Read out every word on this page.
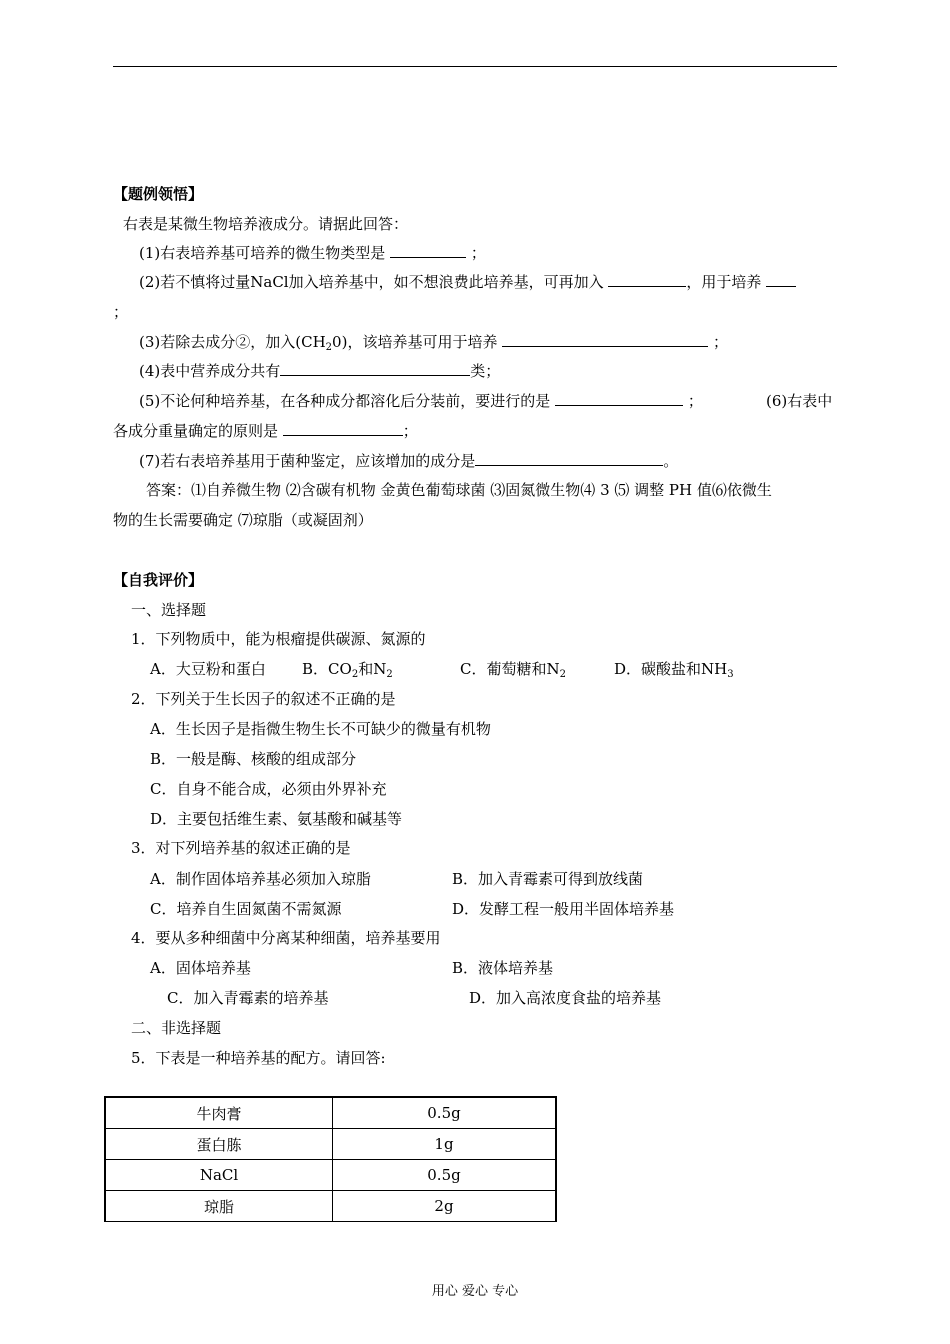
【题例领悟】
右表是某微生物培养液成分。请据此回答：
(1)右表培养基可培养的微生物类型是	；
(2)若不慎将过量NaCl加入培养基中，如不想浪费此培养基，可再加入	，用于培养
；
(3)若除去成分②，加入$(CH_20)$，该培养基可用于培养	；
(4)表中营养成分共有	类；
(5)不论何种培养基，在各种成分都溶化后分装前，要进行的是	；	(6)右表中
各成分重量确定的原则是	；
(7)若右表培养基用于菌种鉴定，应该增加的成分是	。
答案：⑴自养微生物 ⑵含碳有机物 金黄色葡萄球菌 ⑶固氮微生物⑷ 3 ⑸ 调整 PH 值⑹依微生
物的生长需要确定 ⑺琼脂（或凝固剂）
【自我评价】
一、选择题
1．下列物质中，能为根瘤提供碳源、氮源的
A．大豆粉和蛋白 B．$CO_2$和$N_2$	C．葡萄糖和$N_2$	D．碳酸盐和$NH_3$
2．下列关于生长因子的叙述不正确的是
A．生长因子是指微生物生长不可缺少的微量有机物
B．一般是酶、核酸的组成部分
C．自身不能合成，必须由外界补充
D．主要包括维生素、氨基酸和碱基等
3．对下列培养基的叙述正确的是
A．制作固体培养基必须加入琼脂	B．加入青霉素可得到放线菌
C．培养自生固氮菌不需氮源	D．发酵工程一般用半固体培养基
4．要从多种细菌中分离某种细菌，培养基要用
A．固体培养基	B．液体培养基
C．加入青霉素的培养基	D．加入高浓度食盐的培养基
二、非选择题
5．下表是一种培养基的配方。请回答:
牛肉膏	0.5g
蛋白胨	1g
NaCl	0.5g
琼脂	2g
用心 爱心 专心
